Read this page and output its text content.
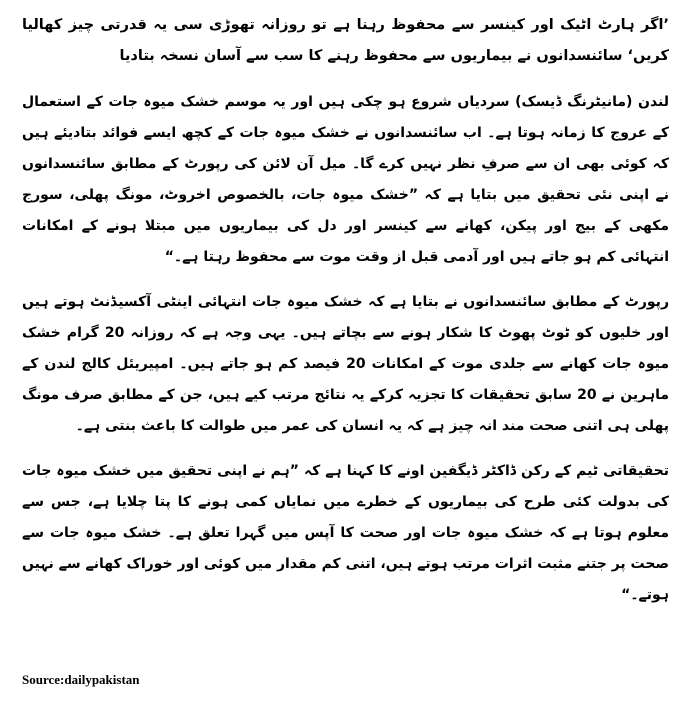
’اگر ہارٹ اٹیک اور کینسر سے محفوظ رہنا ہے تو روزانہ تھوڑی سی یہ قدرتی چیز کھالیا کریں‘ سائنسدانوں نے بیماریوں سے محفوظ رہنے کا سب سے آسان نسخہ بتادیا

لندن (مانیٹرنگ ڈیسک) سردیاں شروع ہو چکی ہیں اور یہ موسم خشک میوہ جات کے استعمال کے عروج کا زمانہ ہوتا ہے۔ اب سائنسدانوں نے خشک میوہ جات کے کچھ ایسے فوائد بتادیئے ہیں کہ کوئی بھی ان سے صرفِ نظر نہیں کرے گا۔ میل آن لائن کی رپورٹ کے مطابق سائنسدانوں نے اپنی نئی تحقیق میں بتایا ہے کہ ”خشک میوہ جات، بالخصوص اخروٹ، مونگ پھلی، سورج مکھی کے بیج اور پیکن، کھانے سے کینسر اور دل کی بیماریوں میں مبتلا ہونے کے امکانات انتہائی کم ہو جاتے ہیں اور آدمی قبل از وقت موت سے محفوظ رہتا ہے۔“

رپورٹ کے مطابق سائنسدانوں نے بتایا ہے کہ خشک میوہ جات انتہائی اینٹی آکسیڈنٹ ہوتے ہیں اور خلیوں کو ٹوٹ پھوٹ کا شکار ہونے سے بچاتے ہیں۔ یہی وجہ ہے کہ روزانہ 20 گرام خشک میوہ جات کھانے سے جلدی موت کے امکانات 20 فیصد کم ہو جاتے ہیں۔ امپیریئل کالج لندن کے ماہرین نے 20 سابق تحقیقات کا تجزیہ کرکے یہ نتائج مرتب کیے ہیں، جن کے مطابق صرف مونگ پھلی ہی اتنی صحت مند انہ چیز ہے کہ یہ انسان کی عمر میں طوالت کا باعث بنتی ہے۔

تحقیقاتی ٹیم کے رکن ڈاکٹر ڈیگفین اونے کا کہنا ہے کہ ”ہم نے اپنی تحقیق میں خشک میوہ جات کی بدولت کئی طرح کی بیماریوں کے خطرے میں نمایاں کمی ہونے کا پتا چلایا ہے، جس سے معلوم ہوتا ہے کہ خشک میوہ جات اور صحت کا آپس میں گہرا تعلق ہے۔ خشک میوہ جات سے صحت پر جتنے مثبت اثرات مرتب ہوتے ہیں، اتنی کم مقدار میں کوئی اور خوراک کھانے سے نہیں ہوتے۔“

Source:dailypakistan
